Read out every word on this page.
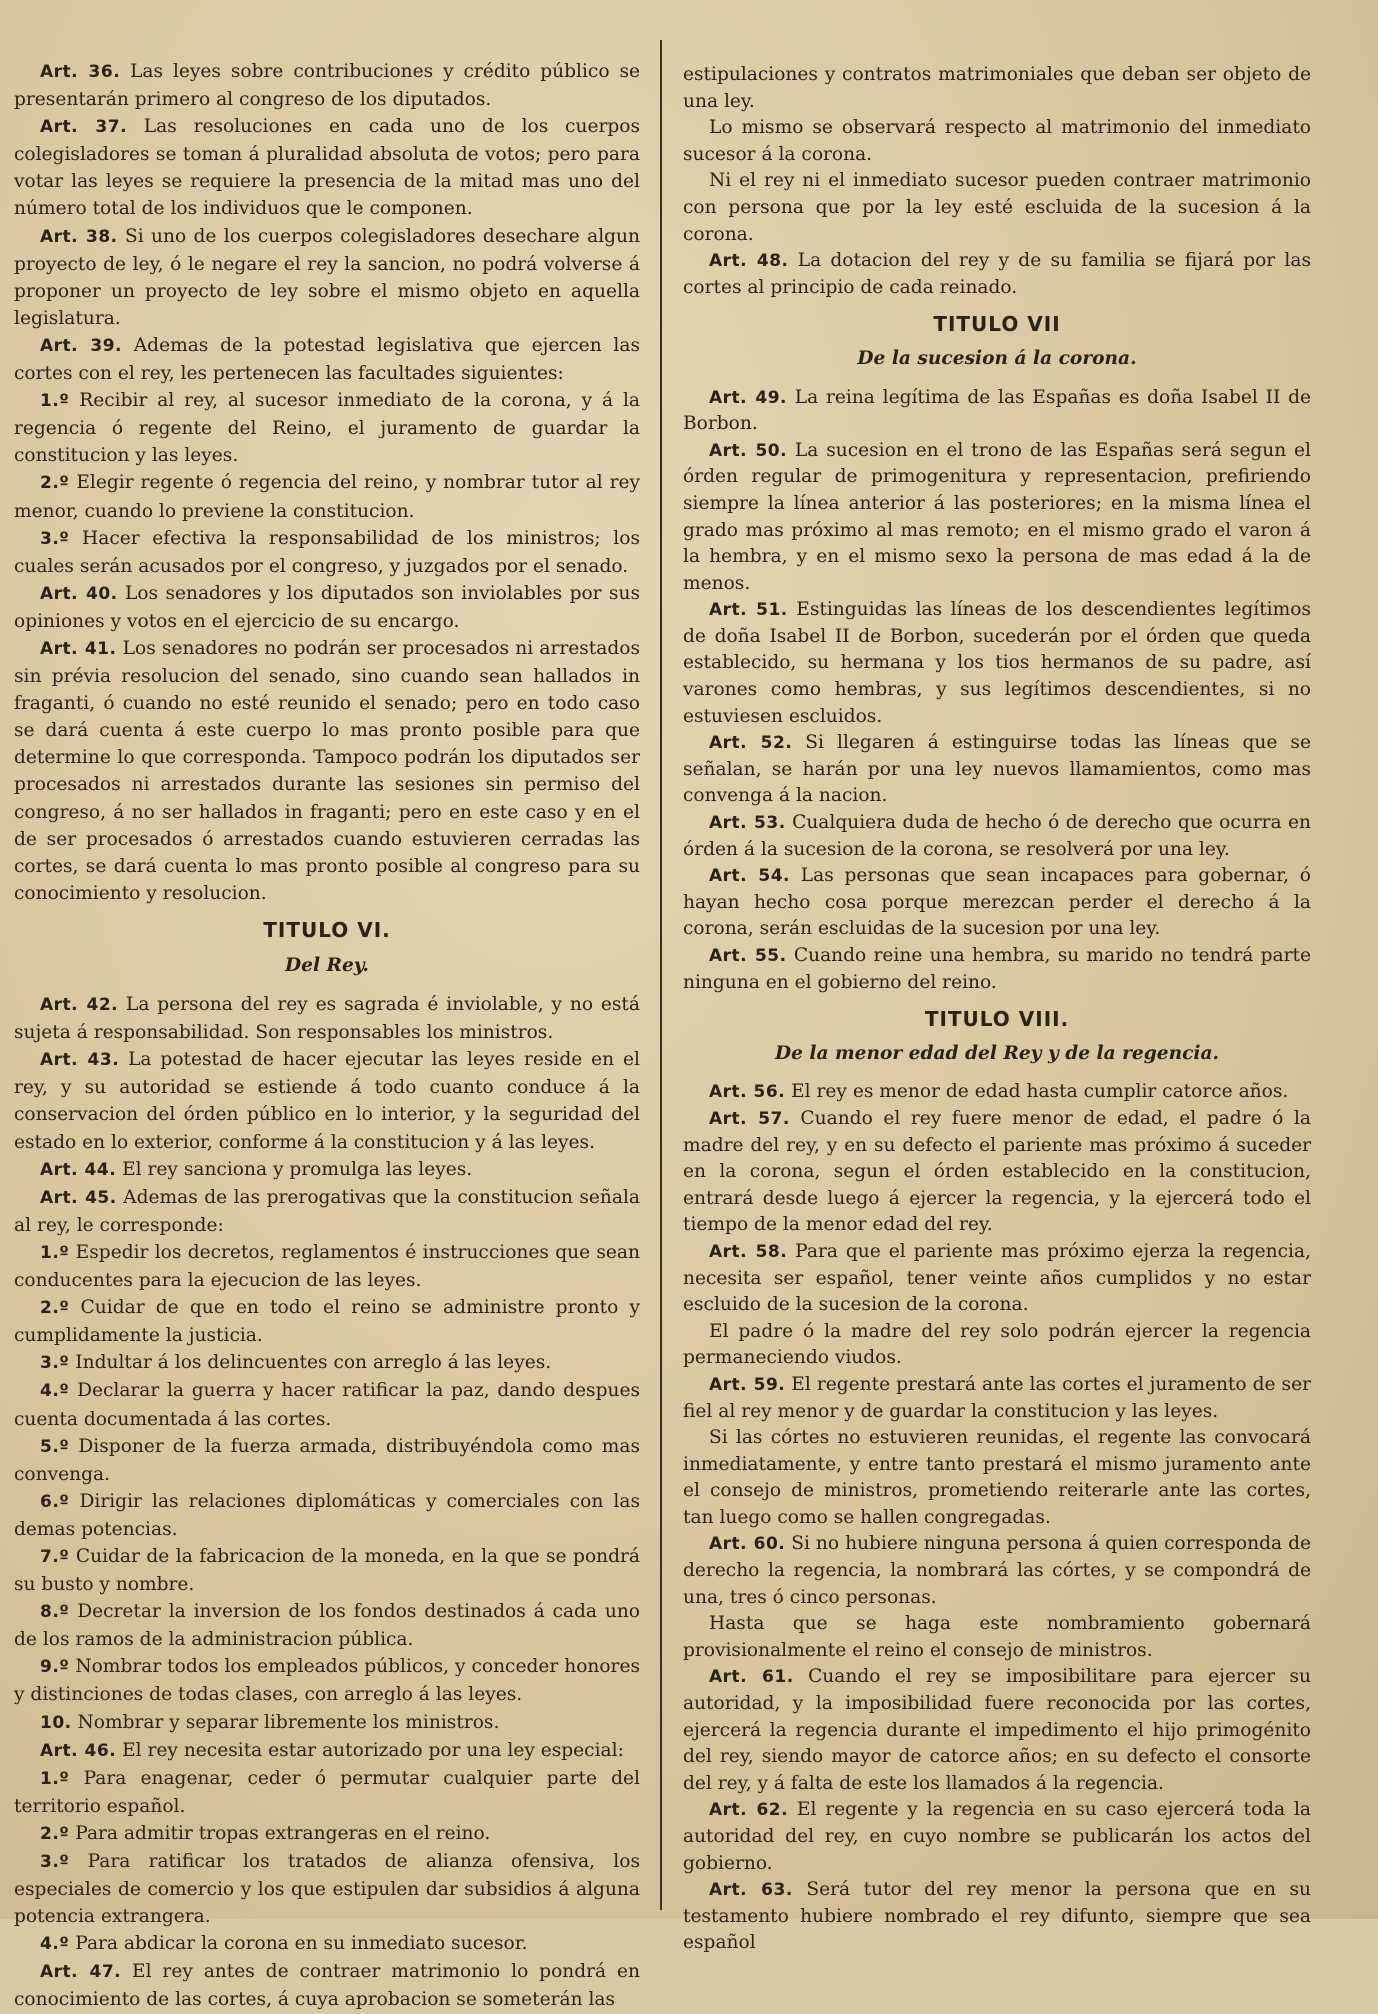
Art. 36. Las leyes sobre contribuciones y crédito público se presentarán primero al congreso de los diputados.

Art. 37. Las resoluciones en cada uno de los cuerpos colegisladores se toman á pluralidad absoluta de votos; pero para votar las leyes se requiere la presencia de la mitad mas uno del número total de los individuos que le componen.

Art. 38. Si uno de los cuerpos colegisladores desechare algun proyecto de ley, ó le negare el rey la sancion, no podrá volverse á proponer un proyecto de ley sobre el mismo objeto en aquella legislatura.

Art. 39. Ademas de la potestad legislativa que ejercen las cortes con el rey, les pertenecen las facultades siguientes:

1.º Recibir al rey, al sucesor inmediato de la corona, y á la regencia ó regente del Reino, el juramento de guardar la constitucion y las leyes.

2.º Elegir regente ó regencia del reino, y nombrar tutor al rey menor, cuando lo previene la constitucion.

3.º Hacer efectiva la responsabilidad de los ministros; los cuales serán acusados por el congreso, y juzgados por el senado.

Art. 40. Los senadores y los diputados son inviolables por sus opiniones y votos en el ejercicio de su encargo.

Art. 41. Los senadores no podrán ser procesados ni arrestados sin prévia resolucion del senado, sino cuando sean hallados in fraganti, ó cuando no esté reunido el senado; pero en todo caso se dará cuenta á este cuerpo lo mas pronto posible para que determine lo que corresponda. Tampoco podrán los diputados ser procesados ni arrestados durante las sesiones sin permiso del congreso, á no ser hallados in fraganti; pero en este caso y en el de ser procesados ó arrestados cuando estuvieren cerradas las cortes, se dará cuenta lo mas pronto posible al congreso para su conocimiento y resolucion.

TITULO VI.
Del Rey.

Art. 42. La persona del rey es sagrada é inviolable, y no está sujeta á responsabilidad. Son responsables los ministros.

Art. 43. La potestad de hacer ejecutar las leyes reside en el rey, y su autoridad se estiende á todo cuanto conduce á la conservacion del órden público en lo interior, y la seguridad del estado en lo exterior, conforme á la constitucion y á las leyes.

Art. 44. El rey sanciona y promulga las leyes.

Art. 45. Ademas de las prerogativas que la constitucion señala al rey, le corresponde:

1.º Espedir los decretos, reglamentos é instrucciones que sean conducentes para la ejecucion de las leyes.

2.º Cuidar de que en todo el reino se administre pronto y cumplidamente la justicia.

3.º Indultar á los delincuentes con arreglo á las leyes.

4.º Declarar la guerra y hacer ratificar la paz, dando despues cuenta documentada á las cortes.

5.º Disponer de la fuerza armada, distribuyéndola como mas convenga.

6.º Dirigir las relaciones diplomáticas y comerciales con las demas potencias.

7.º Cuidar de la fabricacion de la moneda, en la que se pondrá su busto y nombre.

8.º Decretar la inversion de los fondos destinados á cada uno de los ramos de la administracion pública.

9.º Nombrar todos los empleados públicos, y conceder honores y distinciones de todas clases, con arreglo á las leyes.

10. Nombrar y separar libremente los ministros.

Art. 46. El rey necesita estar autorizado por una ley especial:

1.º Para enagenar, ceder ó permutar cualquier parte del territorio español.

2.º Para admitir tropas extrangeras en el reino.

3.º Para ratificar los tratados de alianza ofensiva, los especiales de comercio y los que estipulen dar subsidios á alguna potencia extrangera.

4.º Para abdicar la corona en su inmediato sucesor.

Art. 47. El rey antes de contraer matrimonio lo pondrá en conocimiento de las cortes, á cuya aprobacion se someterán las

estipulaciones y contratos matrimoniales que deban ser objeto de una ley.

Lo mismo se observará respecto al matrimonio del inmediato sucesor á la corona.

Ni el rey ni el inmediato sucesor pueden contraer matrimonio con persona que por la ley esté escluida de la sucesion á la corona.

Art. 48. La dotacion del rey y de su familia se fijará por las cortes al principio de cada reinado.

TITULO VII
De la sucesion á la corona.

Art. 49. La reina legítima de las Españas es doña Isabel II de Borbon.

Art. 50. La sucesion en el trono de las Españas será segun el órden regular de primogenitura y representacion, prefiriendo siempre la línea anterior á las posteriores; en la misma línea el grado mas próximo al mas remoto; en el mismo grado el varon á la hembra, y en el mismo sexo la persona de mas edad á la de menos.

Art. 51. Estinguidas las líneas de los descendientes legítimos de doña Isabel II de Borbon, sucederán por el órden que queda establecido, su hermana y los tios hermanos de su padre, así varones como hembras, y sus legítimos descendientes, si no estuviesen escluidos.

Art. 52. Si llegaren á estinguirse todas las líneas que se señalan, se harán por una ley nuevos llamamientos, como mas convenga á la nacion.

Art. 53. Cualquiera duda de hecho ó de derecho que ocurra en órden á la sucesion de la corona, se resolverá por una ley.

Art. 54. Las personas que sean incapaces para gobernar, ó hayan hecho cosa porque merezcan perder el derecho á la corona, serán escluidas de la sucesion por una ley.

Art. 55. Cuando reine una hembra, su marido no tendrá parte ninguna en el gobierno del reino.

TITULO VIII.
De la menor edad del Rey y de la regencia.

Art. 56. El rey es menor de edad hasta cumplir catorce años.

Art. 57. Cuando el rey fuere menor de edad, el padre ó la madre del rey, y en su defecto el pariente mas próximo á suceder en la corona, segun el órden establecido en la constitucion, entrará desde luego á ejercer la regencia, y la ejercerá todo el tiempo de la menor edad del rey.

Art. 58. Para que el pariente mas próximo ejerza la regencia, necesita ser español, tener veinte años cumplidos y no estar escluido de la sucesion de la corona.

El padre ó la madre del rey solo podrán ejercer la regencia permaneciendo viudos.

Art. 59. El regente prestará ante las cortes el juramento de ser fiel al rey menor y de guardar la constitucion y las leyes.

Si las córtes no estuvieren reunidas, el regente las convocará inmediatamente, y entre tanto prestará el mismo juramento ante el consejo de ministros, prometiendo reiterarle ante las cortes, tan luego como se hallen congregadas.

Art. 60. Si no hubiere ninguna persona á quien corresponda de derecho la regencia, la nombrará las córtes, y se compondrá de una, tres ó cinco personas.

Hasta que se haga este nombramiento gobernará provisionalmente el reino el consejo de ministros.

Art. 61. Cuando el rey se imposibilitare para ejercer su autoridad, y la imposibilidad fuere reconocida por las cortes, ejercerá la regencia durante el impedimento el hijo primogénito del rey, siendo mayor de catorce años; en su defecto el consorte del rey, y á falta de este los llamados á la regencia.

Art. 62. El regente y la regencia en su caso ejercerá toda la autoridad del rey, en cuyo nombre se publicarán los actos del gobierno.

Art. 63. Será tutor del rey menor la persona que en su testamento hubiere nombrado el rey difunto, siempre que sea español
